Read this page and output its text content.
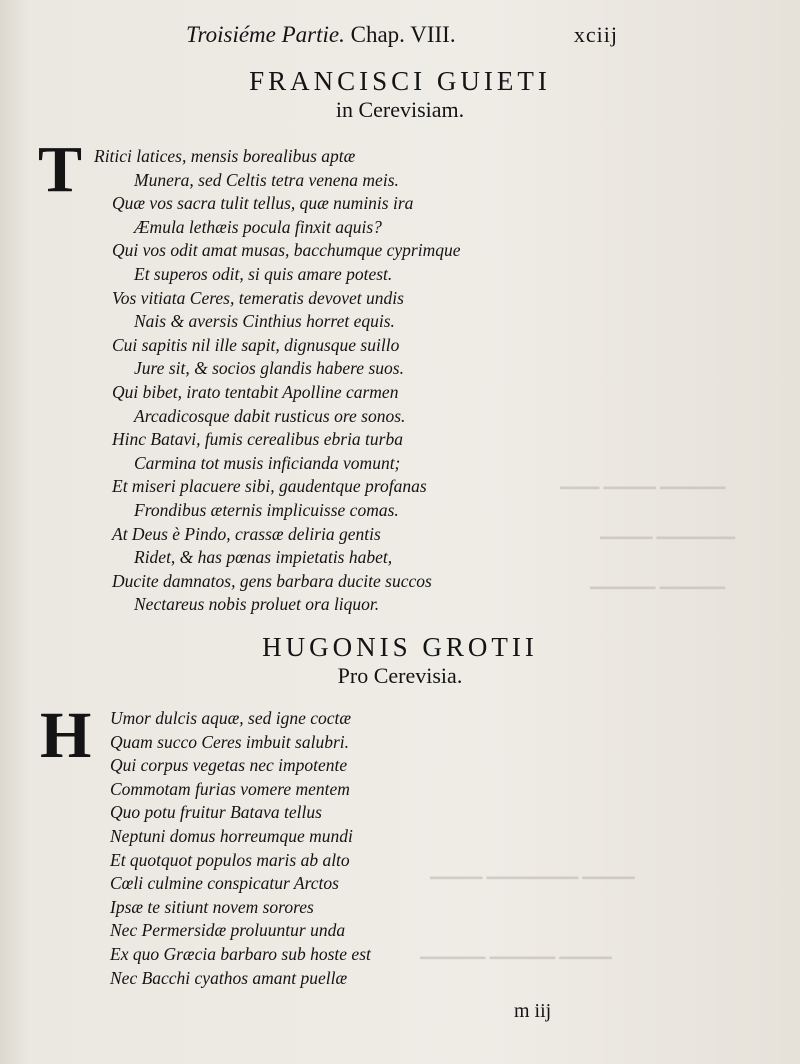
▁▁▁ ▁▁▁▁ ▁▁▁▁▁
▁▁▁▁ ▁▁▁▁▁▁
▁▁▁▁▁ ▁▁▁▁▁
▁▁▁▁ ▁▁▁▁▁▁▁ ▁▁▁▁
▁▁▁▁▁ ▁▁▁▁▁ ▁▁▁▁
Troisiéme Partie. Chap. VIII.	xciij
FRANCISCI GUIETI
in Cerevisiam.
T Ritici latices, mensis borealibus aptæ
Munera, sed Celtis tetra venena meis.
Quæ vos sacra tulit tellus, quæ numinis ira
Æmula lethæis pocula finxit aquis?
Qui vos odit amat musas, bacchumque cyprimque
Et superos odit, si quis amare potest.
Vos vitiata Ceres, temeratis devovet undis
Nais & aversis Cinthius horret equis.
Cui sapitis nil ille sapit, dignusque suillo
Jure sit, & socios glandis habere suos.
Qui bibet, irato tentabit Apolline carmen
Arcadicosque dabit rusticus ore sonos.
Hinc Batavi, fumis cerealibus ebria turba
Carmina tot musis inficianda vomunt;
Et miseri placuere sibi, gaudentque profanas
Frondibus æternis implicuisse comas.
At Deus è Pindo, crassæ deliria gentis
Ridet, & has pœnas impietatis habet,
Ducite damnatos, gens barbara ducite succos
Nectareus nobis proluet ora liquor.
HUGONIS GROTII
Pro Cerevisia.
H Umor dulcis aquæ, sed igne coctæ
Quam succo Ceres imbuit salubri.
Qui corpus vegetas nec impotente
Commotam furias vomere mentem
Quo potu fruitur Batava tellus
Neptuni domus horreumque mundi
Et quotquot populos maris ab alto
Cœli culmine conspicatur Arctos
Ipsæ te sitiunt novem sorores
Nec Permersidæ proluuntur unda
Ex quo Græcia barbaro sub hoste est
Nec Bacchi cyathos amant puellæ
m iij
